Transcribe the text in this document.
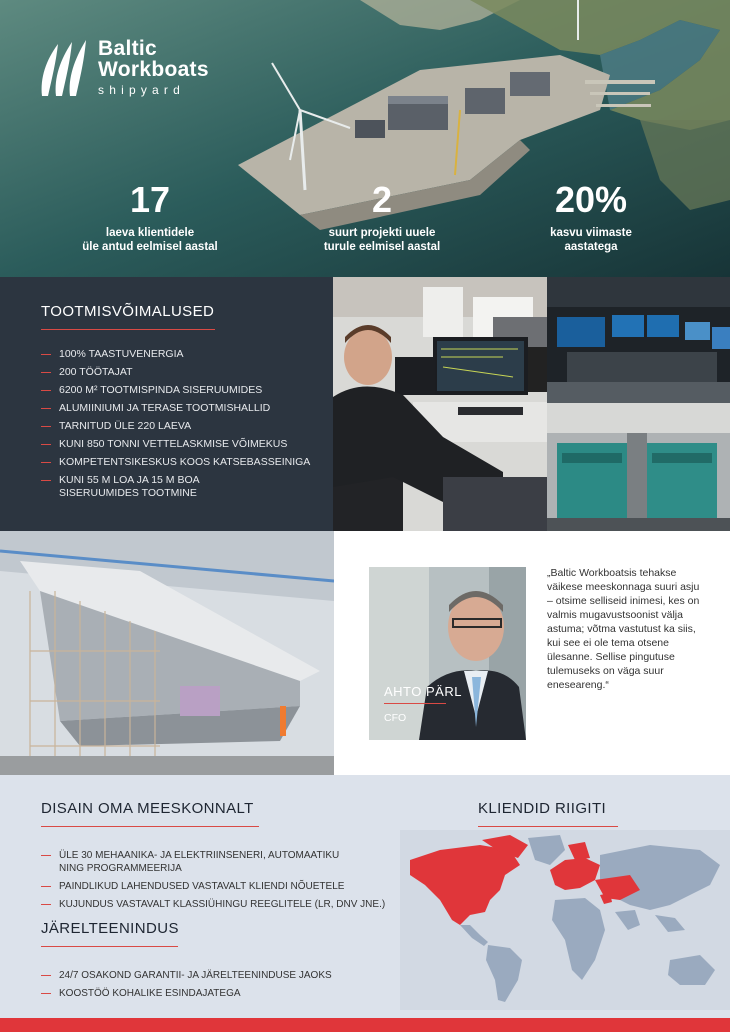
Baltic
Workboats
shipyard
17
laeva klientidele
üle antud eelmisel aastal
2
suurt projekti uuele
turule eelmisel aastal
20%
kasvu viimaste
aastatega
TOOTMISVÕIMALUSED
100% TAASTUVENERGIA
200 TÖÖTAJAT
6200 M² TOOTMISPINDA SISERUUMIDES
ALUMIINIUMI JA TERASE TOOTMISHALLID
TARNITUD ÜLE 220 LAEVA
KUNI 850 TONNI VETTELASKMISE VÕIMEKUS
KOMPETENTSIKESKUS KOOS KATSEBASSEINIGA
KUNI 55 M LOA JA 15 M BOA
SISERUUMIDES TOOTMINE
AHTO PÄRL
CFO
„Baltic Workboatsis tehakse väikese meeskonnaga suuri asju – otsime selliseid inimesi, kes on valmis mugavustsoonist välja astuma; võtma vastutust ka siis, kui see ei ole tema otsene ülesanne. Sellise pingutuse tulemuseks on väga suur enesearеng.“
DISAIN OMA MEESKONNALT
ÜLE 30 MEHAANIKA- JA ELEKTRIINSENERI, AUTOMAATIKU
NING PROGRAMMEERIJA
PAINDLIKUD LAHENDUSED VASTAVALT KLIENDI NÕUETELE
KUJUNDUS VASTAVALT KLASSIÜHINGU REEGLITELE (LR, DNV JNE.)
JÄRELTEENINDUS
24/7 OSAKOND GARANTII- JA JÄRELTEENINDUSE JAOKS
KOOSTÖÖ KOHALIKE ESINDAJATEGA
KLIENDID RIIGITI
